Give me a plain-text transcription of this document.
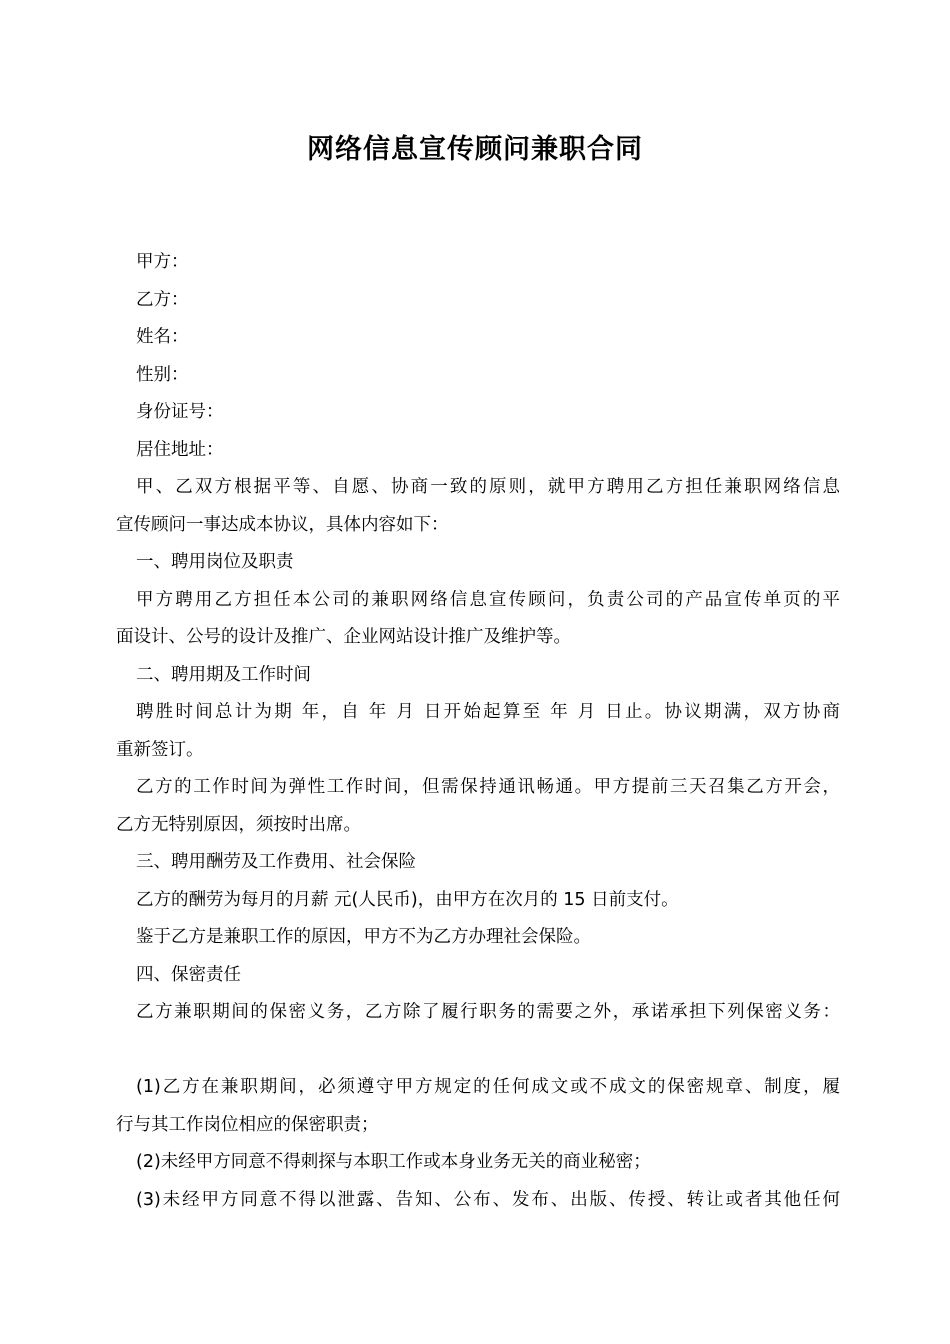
网络信息宣传顾问兼职合同
甲方：
乙方：
姓名：
性别：
身份证号：
居住地址：
甲、乙双方根据平等、自愿、协商一致的原则，就甲方聘用乙方担任兼职网络信息
宣传顾问一事达成本协议，具体内容如下：
一、聘用岗位及职责
甲方聘用乙方担任本公司的兼职网络信息宣传顾问，负责公司的产品宣传单页的平
面设计、公号的设计及推广、企业网站设计推广及维护等。
二、聘用期及工作时间
聘胜时间总计为期 年，自 年 月 日开始起算至 年 月 日止。协议期满，双方协商
重新签订。
乙方的工作时间为弹性工作时间，但需保持通讯畅通。甲方提前三天召集乙方开会，
乙方无特别原因，须按时出席。
三、聘用酬劳及工作费用、社会保险
乙方的酬劳为每月的月薪 元(人民币)，由甲方在次月的 15 日前支付。
鉴于乙方是兼职工作的原因，甲方不为乙方办理社会保险。
四、保密责任
乙方兼职期间的保密义务，乙方除了履行职务的需要之外，承诺承担下列保密义务：
(1)乙方在兼职期间，必须遵守甲方规定的任何成文或不成文的保密规章、制度，履
行与其工作岗位相应的保密职责；
(2)未经甲方同意不得刺探与本职工作或本身业务无关的商业秘密；
(3)未经甲方同意不得以泄露、告知、公布、发布、出版、传授、转让或者其他任何
